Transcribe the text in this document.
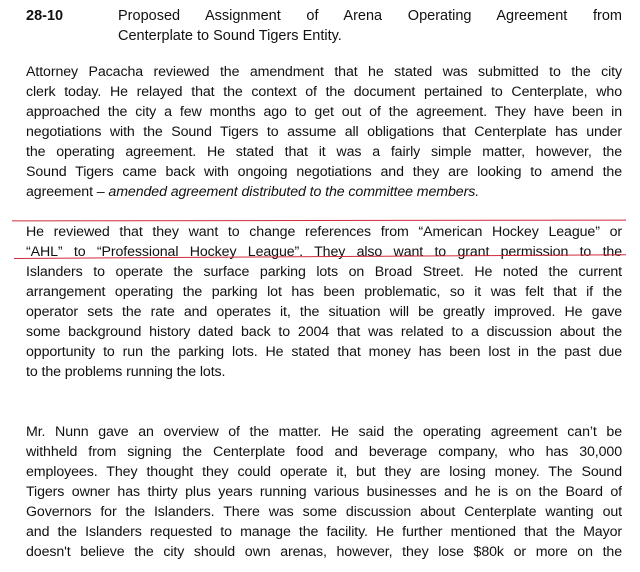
28-10	Proposed Assignment of Arena Operating Agreement from
Centerplate to Sound Tigers Entity.
Attorney Pacacha reviewed the amendment that he stated was submitted to the city
clerk today. He relayed that the context of the document pertained to Centerplate, who
approached the city a few months ago to get out of the agreement. They have been in
negotiations with the Sound Tigers to assume all obligations that Centerplate has under
the operating agreement. He stated that it was a fairly simple matter, however, the
Sound Tigers came back with ongoing negotiations and they are looking to amend the
agreement – amended agreement distributed to the committee members.
He reviewed that they want to change references from “American Hockey League” or
“AHL” to “Professional Hockey League”. They also want to grant permission to the
Islanders to operate the surface parking lots on Broad Street. He noted the current
arrangement operating the parking lot has been problematic, so it was felt that if the
operator sets the rate and operates it, the situation will be greatly improved. He gave
some background history dated back to 2004 that was related to a discussion about the
opportunity to run the parking lots. He stated that money has been lost in the past due
to the problems running the lots.
Mr. Nunn gave an overview of the matter. He said the operating agreement can’t be
withheld from signing the Centerplate food and beverage company, who has 30,000
employees. They thought they could operate it, but they are losing money. The Sound
Tigers owner has thirty plus years running various businesses and he is on the Board of
Governors for the Islanders. There was some discussion about Centerplate wanting out
and the Islanders requested to manage the facility. He further mentioned that the Mayor
doesn't believe the city should own arenas, however, they lose $80k or more on the
